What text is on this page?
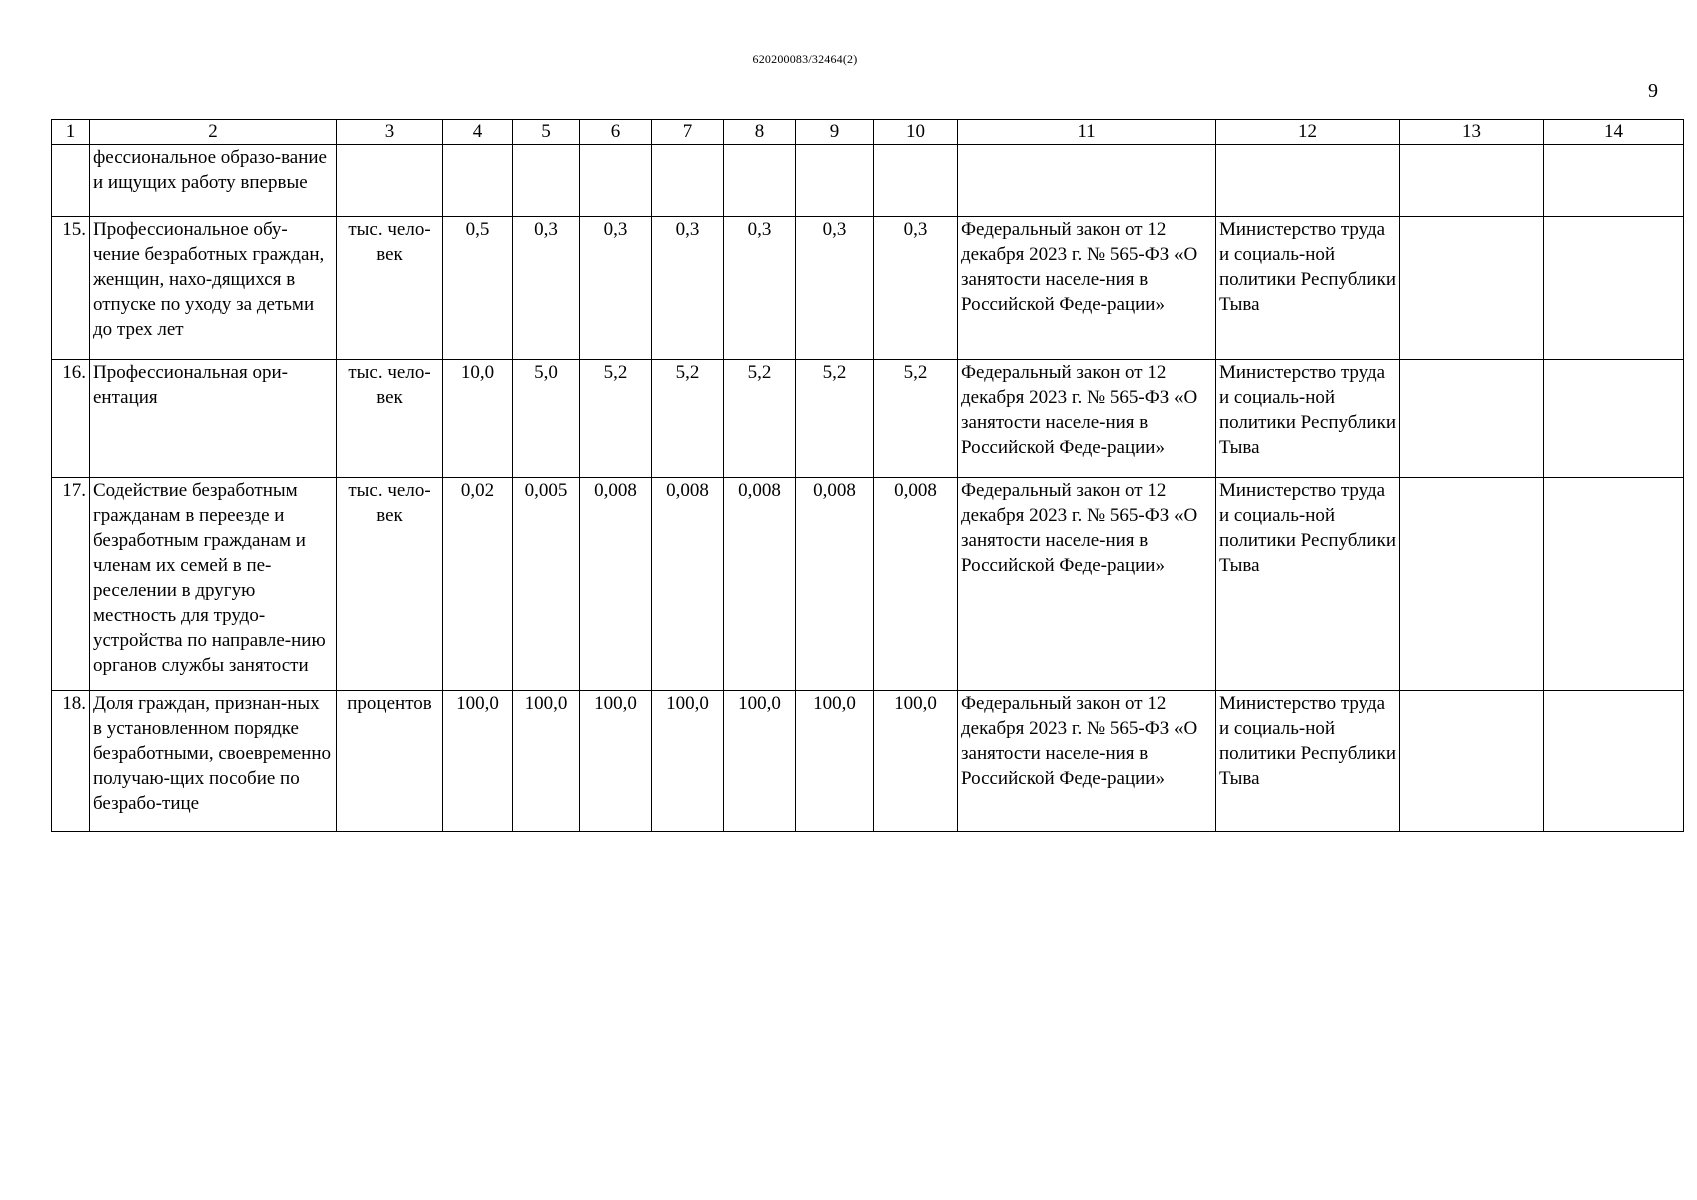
620200083/32464(2)
9
1	2	3	4	5	6	7	8	9	10	11	12	13	14
	фессиональное образо-вание и ищущих работу впервые												
15.	Профессиональное обу-чение безработных граждан, женщин, нахо-дящихся в отпуске по уходу за детьми до трех лет	тыс. чело-век	0,5	0,3	0,3	0,3	0,3	0,3	0,3	Федеральный закон от 12 декабря 2023 г. № 565-ФЗ «О занятости населе-ния в Российской Феде-рации»	Министерство труда и социаль-ной политики Республики Тыва		
16.	Профессиональная ори-ентация	тыс. чело-век	10,0	5,0	5,2	5,2	5,2	5,2	5,2	Федеральный закон от 12 декабря 2023 г. № 565-ФЗ «О занятости населе-ния в Российской Феде-рации»	Министерство труда и социаль-ной политики Республики Тыва		
17.	Содействие безработным гражданам в переезде и безработным гражданам и членам их семей в пе-реселении в другую местность для трудо-устройства по направле-нию органов службы занятости	тыс. чело-век	0,02	0,005	0,008	0,008	0,008	0,008	0,008	Федеральный закон от 12 декабря 2023 г. № 565-ФЗ «О занятости населе-ния в Российской Феде-рации»	Министерство труда и социаль-ной политики Республики Тыва		
18.	Доля граждан, признан-ных в установленном порядке безработными, своевременно получаю-щих пособие по безрабо-тице	процентов	100,0	100,0	100,0	100,0	100,0	100,0	100,0	Федеральный закон от 12 декабря 2023 г. № 565-ФЗ «О занятости населе-ния в Российской Феде-рации»	Министерство труда и социаль-ной политики Республики Тыва		
